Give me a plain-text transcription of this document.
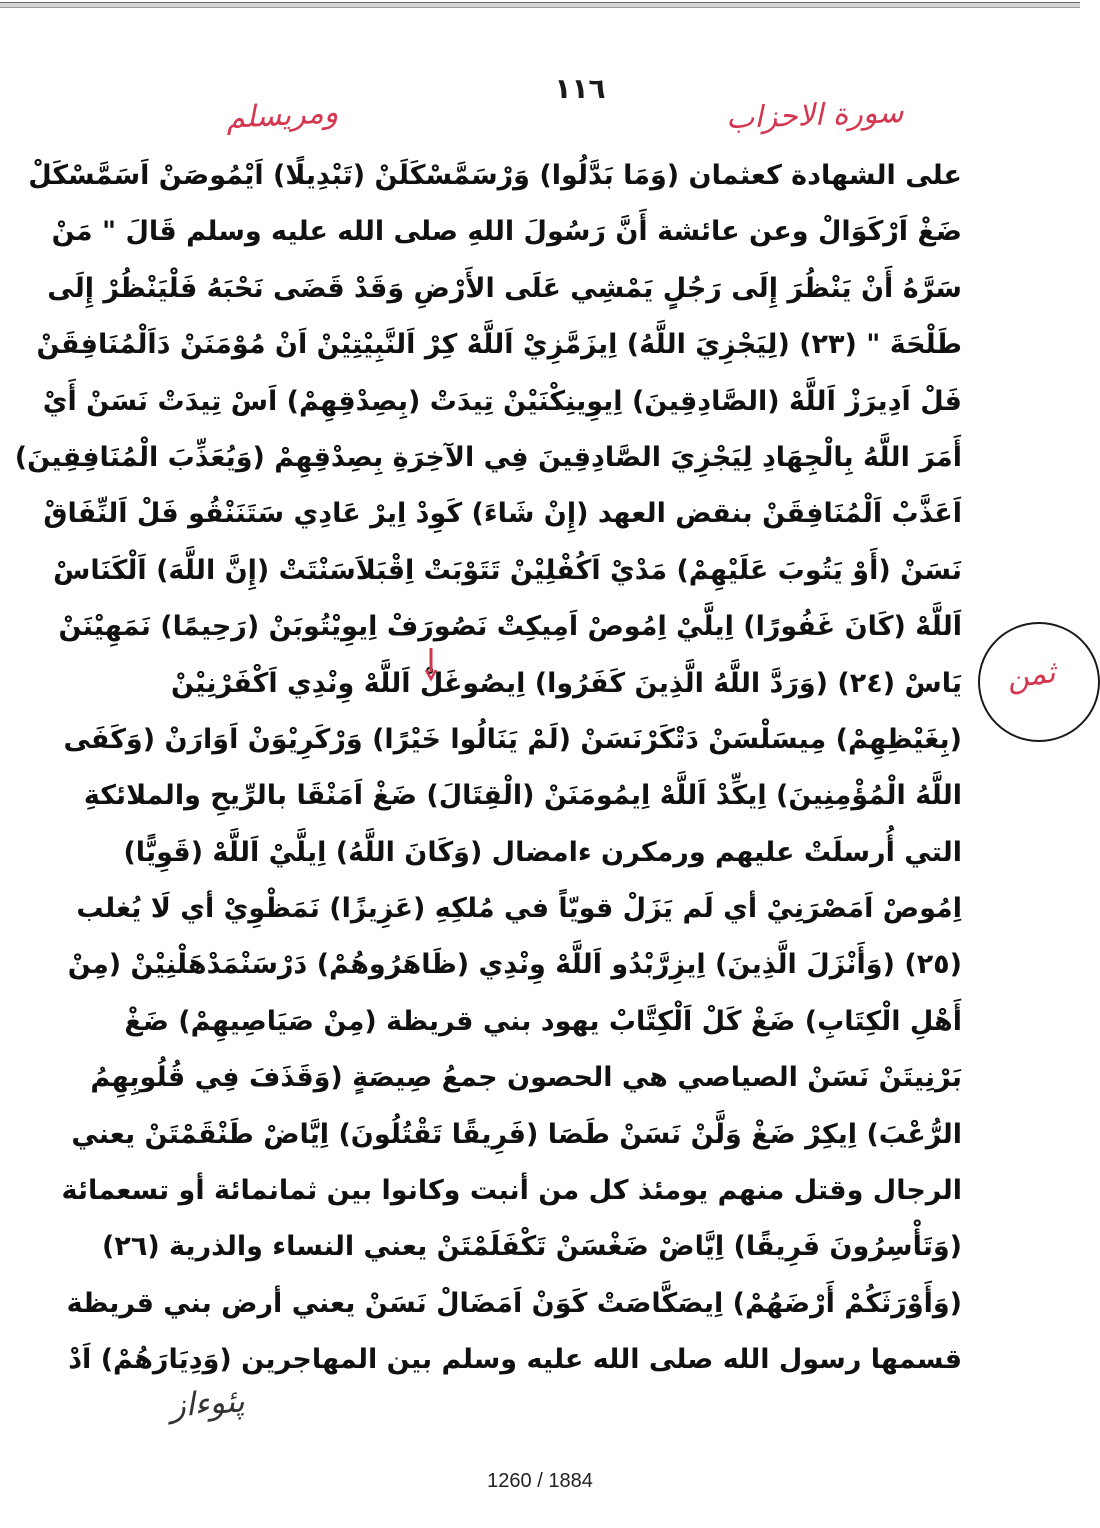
١١٦
ومريسلم	سورة الاحزاب
على الشهادة كعثمان (وَمَا بَدَّلُوا) وَرْسَمَّسْكَلَنْ (تَبْدِيلًا) اَيْمُوصَنْ اَسَمَّسْكَلْ
ضَغْ اَرْكَوَالْ وعن عائشة أَنَّ رَسُولَ اللهِ صلى الله عليه وسلم قَالَ " مَنْ
سَرَّهُ أَنْ يَنْظُرَ إِلَى رَجُلٍ يَمْشِي عَلَى الأَرْضِ وَقَدْ قَضَى نَحْبَهُ فَلْيَنْظُرْ إِلَى
طَلْحَةَ " (٢٣) (لِيَجْزِيَ اللَّهُ) اِيزَمَّزِيْ اَللَّهْ كِرْ اَلنَّبِيْتِيْنْ اَنْ مُوْمَنَنْ دَاَلْمُنَافِقَنْ
فَلْ اَدِيرَزْ اَللَّهْ (الصَّادِقِينَ) اِيوِينِكْنَيْنْ تِيدَتْ (بِصِدْقِهِمْ) اَسْ تِيدَتْ نَسَنْ أَيْ
أَمَرَ اللَّهُ بِالْجِهَادِ لِيَجْزِيَ الصَّادِقِينَ فِي الآخِرَةِ بِصِدْقِهِمْ (وَيُعَذِّبَ الْمُنَافِقِينَ)
اَعَذَّبْ اَلْمُنَافِقَنْ بنقض العهد (إِنْ شَاءَ) كَوِدْ اِيرْ عَادِي سَتَنَنْقُو فَلْ اَلنِّفَاقْ
نَسَنْ (أَوْ يَتُوبَ عَلَيْهِمْ) مَدْيْ اَكُفْلِيْنْ تَتَوْبَتْ اِقْبَلاَسَنْتَتْ (إِنَّ اللَّهَ) اَلْكَنَاسْ
اَللَّهْ (كَانَ غَفُورًا) اِيلَّيْ اِمُوصْ اَمِيكِتْ نَصُورَفْ اِيوِيْتُوبَنْ (رَحِيمًا) نَمَهِيْنَنْ
يَاسْ (٢٤) (وَرَدَّ اللَّهُ الَّذِينَ كَفَرُوا) اِيصُوغَلْ اَللَّهْ وِنْدِي اَكْفَرْنِيْنْ
(بِغَيْظِهِمْ) مِيسَلْسَنْ دَتْكَرْنَسَنْ (لَمْ يَنَالُوا خَيْرًا) وَرْكَرِيْوَنْ اَوَارَنْ (وَكَفَى
اللَّهُ الْمُؤْمِنِينَ) اِيكِّدْ اَللَّهْ اِيمُومَنَنْ (الْقِتَالَ) ضَغْ اَمَنْقَا بالرِّيحِ والملائكةِ
التي أُرسلَتْ عليهم ورمكرن ءامضال (وَكَانَ اللَّهُ) اِيلَّيْ اَللَّهْ (قَوِيًّا)
اِمُوصْ اَمَصْرَنِيْ أي لَم يَزَلْ قويّاً في مُلكِهِ (عَزِيزًا) نَمَظْوِيْ أي لَا يُغلب
(٢٥) (وَأَنْزَلَ الَّذِينَ) اِيزِرَّبْدُو اَللَّهْ وِنْدِي (ظَاهَرُوهُمْ) دَرْسَنْمَدْهَلْنِيْنْ (مِنْ
أَهْلِ الْكِتَابِ) ضَغْ كَلْ اَلْكِتَّابْ يهود بني قريظة (مِنْ صَيَاصِيهِمْ) ضَغْ
بَرْنِيتَنْ نَسَنْ الصياصي هي الحصون جمعُ صِيصَةٍ (وَقَذَفَ فِي قُلُوبِهِمُ
الرُّعْبَ) اِيكِرْ ضَغْ وَلَّنْ نَسَنْ طَصَا (فَرِيقًا تَقْتُلُونَ) اِيَّاضْ طَنْقَمْتَنْ يعني
الرجال وقتل منهم يومئذ كل من أنبت وكانوا بين ثمانمائة أو تسعمائة
(وَتَأْسِرُونَ فَرِيقًا) اِيَّاضْ ضَغْسَنْ تَكْفَلَمْتَنْ يعني النساء والذرية (٢٦)
(وَأَوْرَثَكُمْ أَرْضَهُمْ) اِيصَكَّاصَتْ كَوَنْ اَمَضَالْ نَسَنْ يعني أرض بني قريظة
قسمها رسول الله صلى الله عليه وسلم بين المهاجرين (وَدِيَارَهُمْ) اَدْ
ثمن
پئوءاز
1260 / 1884
